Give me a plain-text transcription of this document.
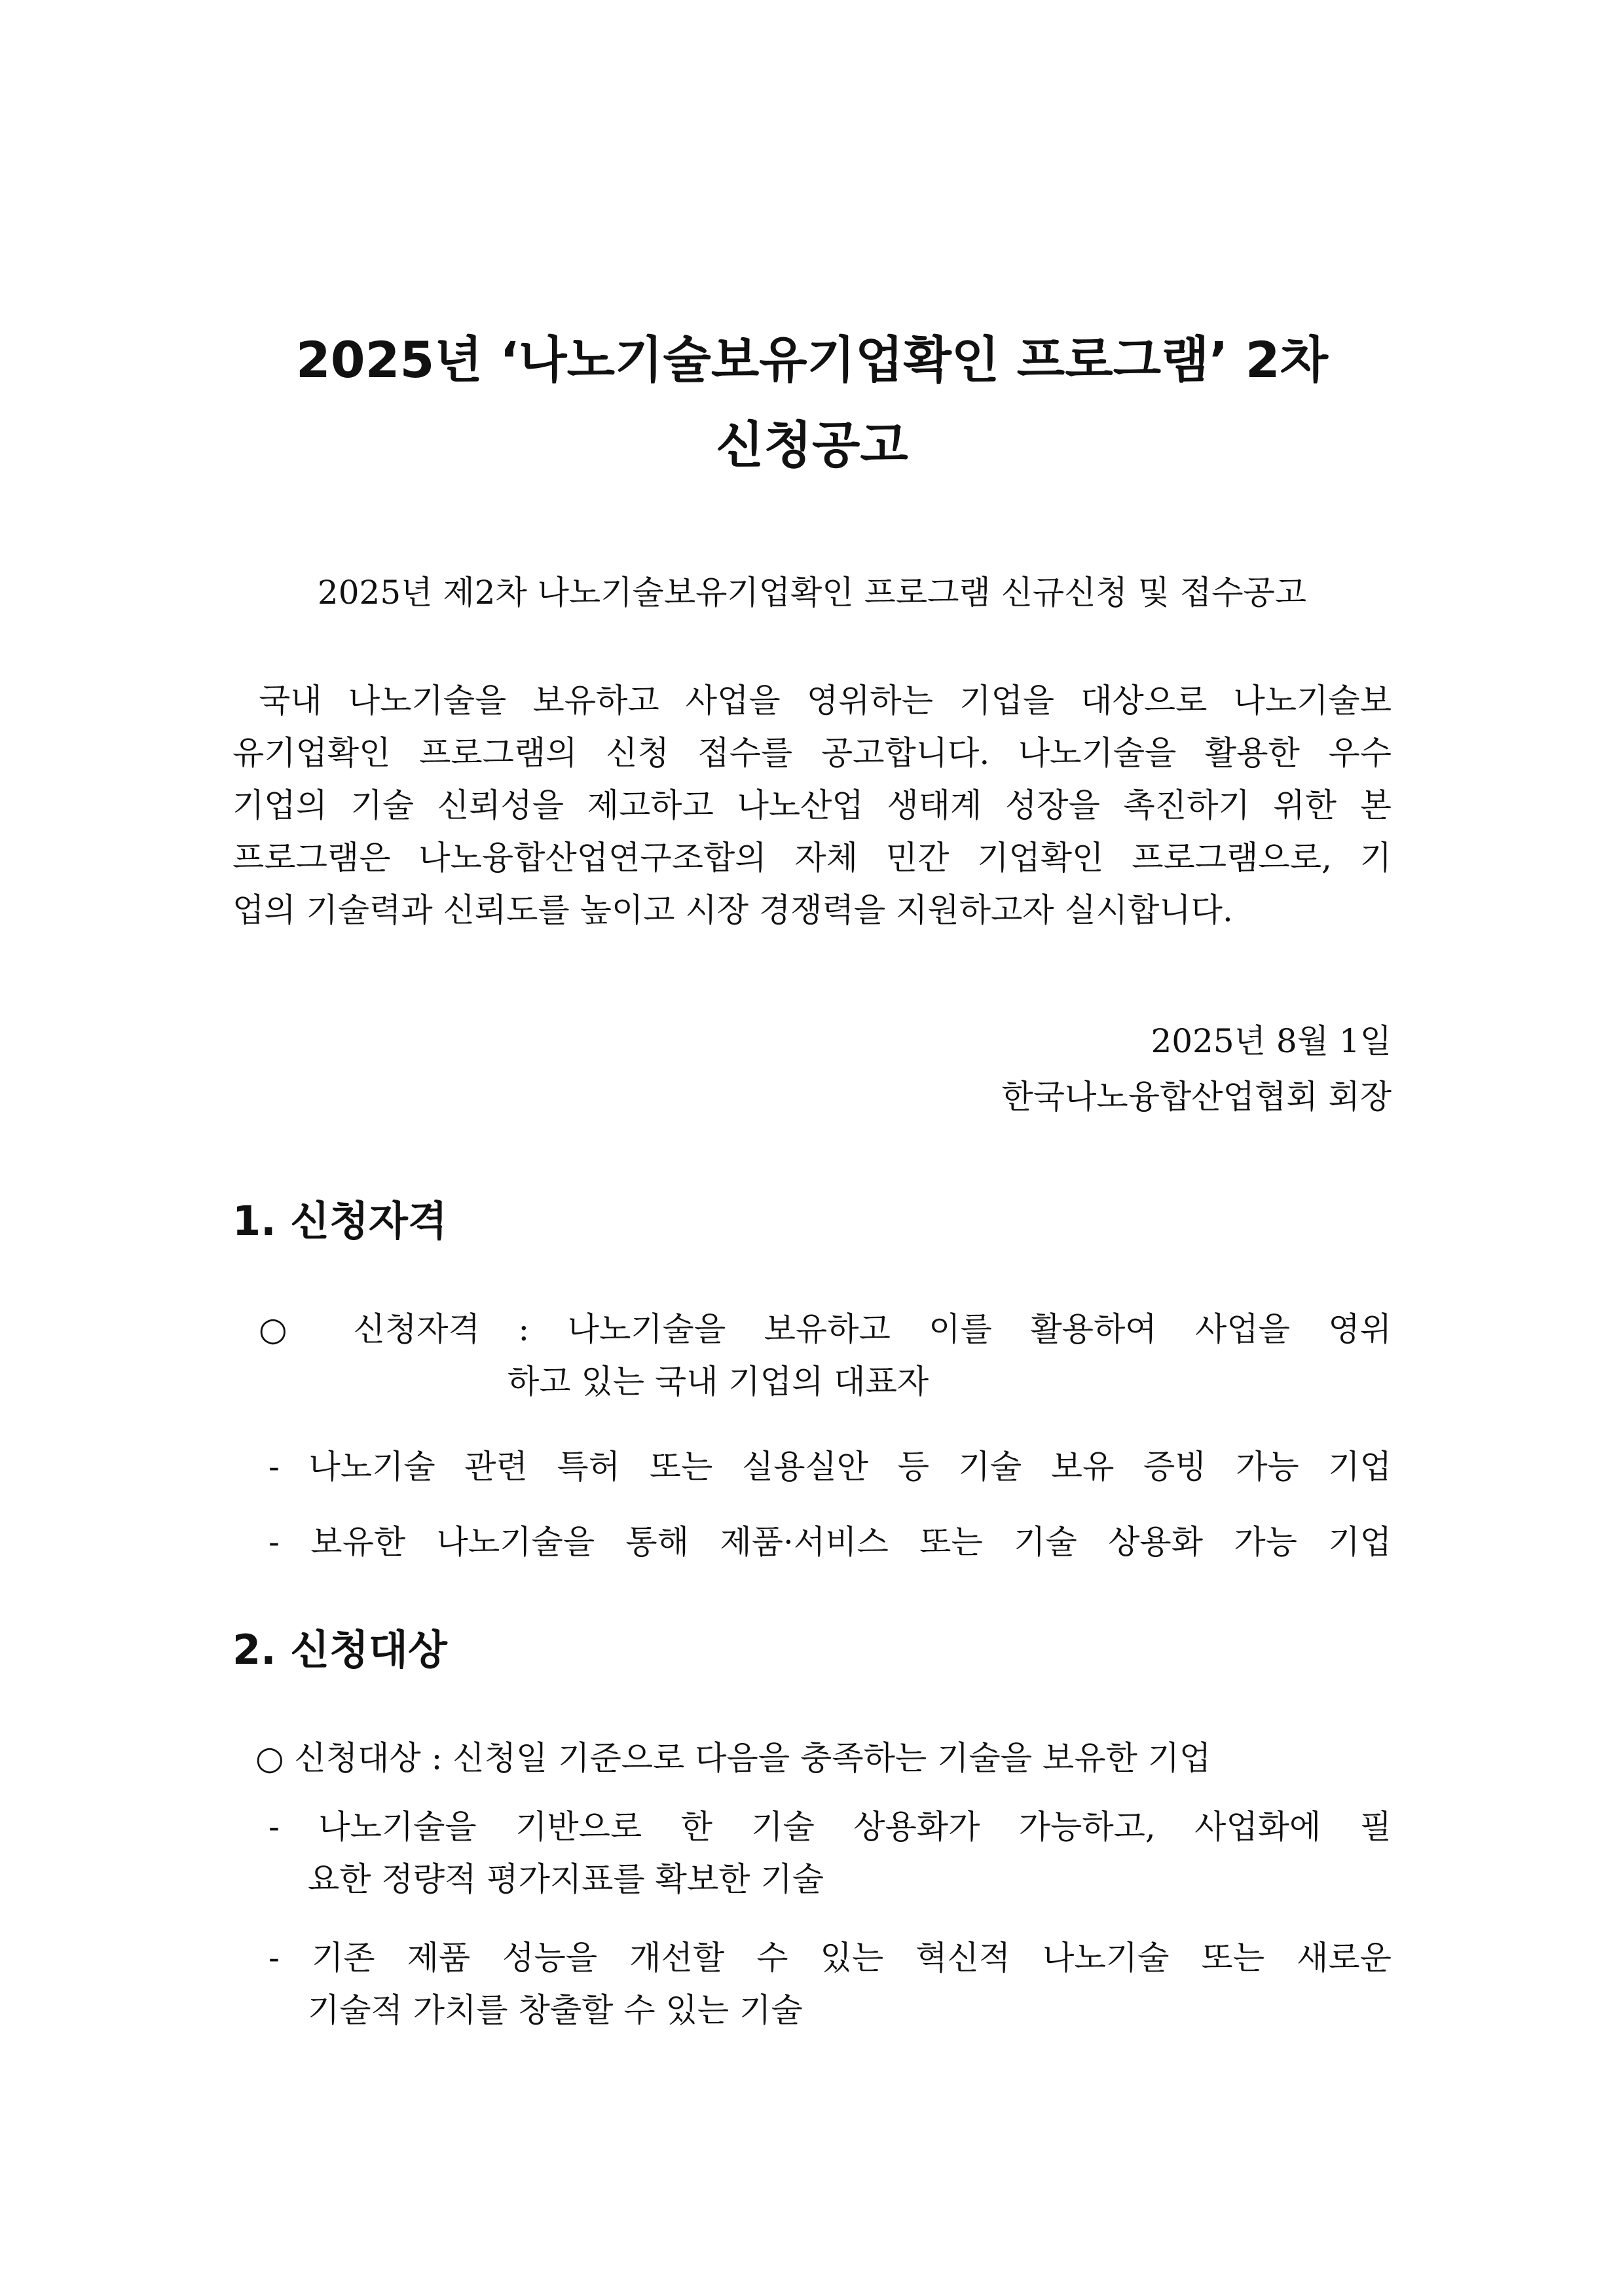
2025년 ‘나노기술보유기업확인 프로그램’ 2차
신청공고
2025년 제2차 나노기술보유기업확인 프로그램 신규신청 및 접수공고
국내 나노기술을 보유하고 사업을 영위하는 기업을 대상으로 나노기술보
유기업확인 프로그램의 신청 접수를 공고합니다. 나노기술을 활용한 우수
기업의 기술 신뢰성을 제고하고 나노산업 생태계 성장을 촉진하기 위한 본
프로그램은 나노융합산업연구조합의 자체 민간 기업확인 프로그램으로, 기
업의 기술력과 신뢰도를 높이고 시장 경쟁력을 지원하고자 실시합니다.
2025년 8월 1일
한국나노융합산업협회 회장
1. 신청자격
○ 신청자격 : 나노기술을 보유하고 이를 활용하여 사업을 영위
하고 있는 국내 기업의 대표자
- 나노기술 관련 특허 또는 실용실안 등 기술 보유 증빙 가능 기업
- 보유한 나노기술을 통해 제품·서비스 또는 기술 상용화 가능 기업
2. 신청대상
○ 신청대상 : 신청일 기준으로 다음을 충족하는 기술을 보유한 기업
- 나노기술을 기반으로 한 기술 상용화가 가능하고, 사업화에 필
요한 정량적 평가지표를 확보한 기술
- 기존 제품 성능을 개선할 수 있는 혁신적 나노기술 또는 새로운
기술적 가치를 창출할 수 있는 기술
